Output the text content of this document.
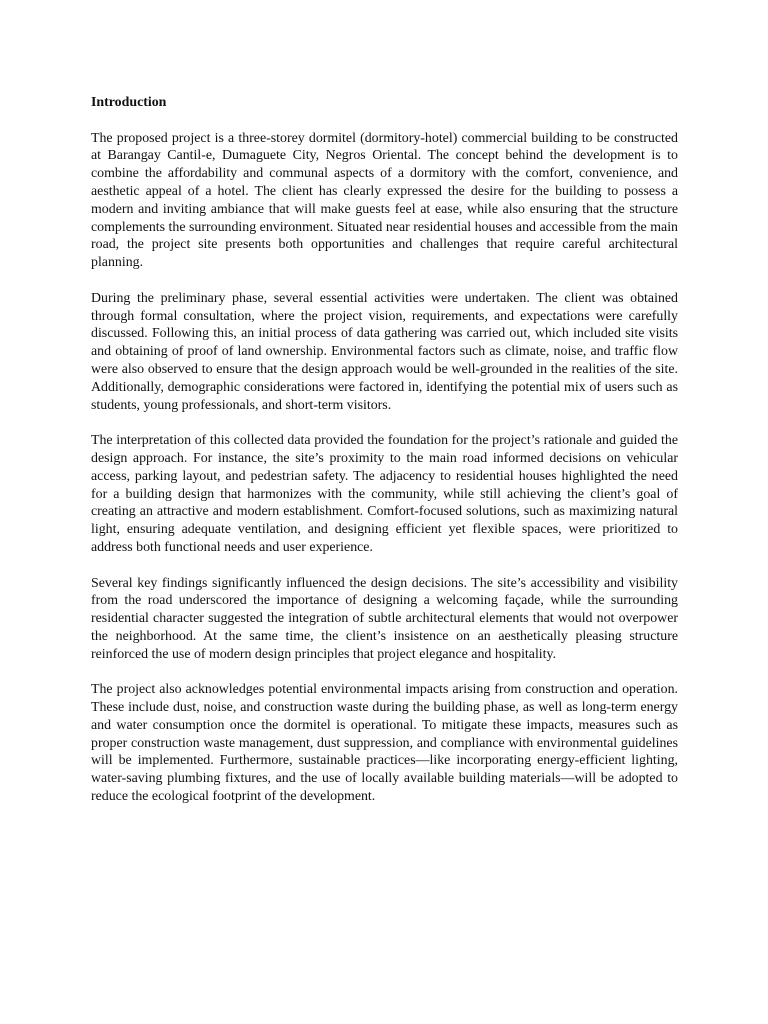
Introduction

The proposed project is a three-storey dormitel (dormitory-hotel) commercial building to be constructed at Barangay Cantil-e, Dumaguete City, Negros Oriental. The concept behind the development is to combine the affordability and communal aspects of a dormitory with the comfort, convenience, and aesthetic appeal of a hotel. The client has clearly expressed the desire for the building to possess a modern and inviting ambiance that will make guests feel at ease, while also ensuring that the structure complements the surrounding environment. Situated near residential houses and accessible from the main road, the project site presents both opportunities and challenges that require careful architectural planning.

During the preliminary phase, several essential activities were undertaken. The client was obtained through formal consultation, where the project vision, requirements, and expectations were carefully discussed. Following this, an initial process of data gathering was carried out, which included site visits and obtaining of proof of land ownership. Environmental factors such as climate, noise, and traffic flow were also observed to ensure that the design approach would be well-grounded in the realities of the site. Additionally, demographic considerations were factored in, identifying the potential mix of users such as students, young professionals, and short-term visitors.

The interpretation of this collected data provided the foundation for the project’s rationale and guided the design approach. For instance, the site’s proximity to the main road informed decisions on vehicular access, parking layout, and pedestrian safety. The adjacency to residential houses highlighted the need for a building design that harmonizes with the community, while still achieving the client’s goal of creating an attractive and modern establishment. Comfort-focused solutions, such as maximizing natural light, ensuring adequate ventilation, and designing efficient yet flexible spaces, were prioritized to address both functional needs and user experience.

Several key findings significantly influenced the design decisions. The site’s accessibility and visibility from the road underscored the importance of designing a welcoming façade, while the surrounding residential character suggested the integration of subtle architectural elements that would not overpower the neighborhood. At the same time, the client’s insistence on an aesthetically pleasing structure reinforced the use of modern design principles that project elegance and hospitality.

The project also acknowledges potential environmental impacts arising from construction and operation. These include dust, noise, and construction waste during the building phase, as well as long-term energy and water consumption once the dormitel is operational. To mitigate these impacts, measures such as proper construction waste management, dust suppression, and compliance with environmental guidelines will be implemented. Furthermore, sustainable practices—like incorporating energy-efficient lighting, water-saving plumbing fixtures, and the use of locally available building materials—will be adopted to reduce the ecological footprint of the development.
